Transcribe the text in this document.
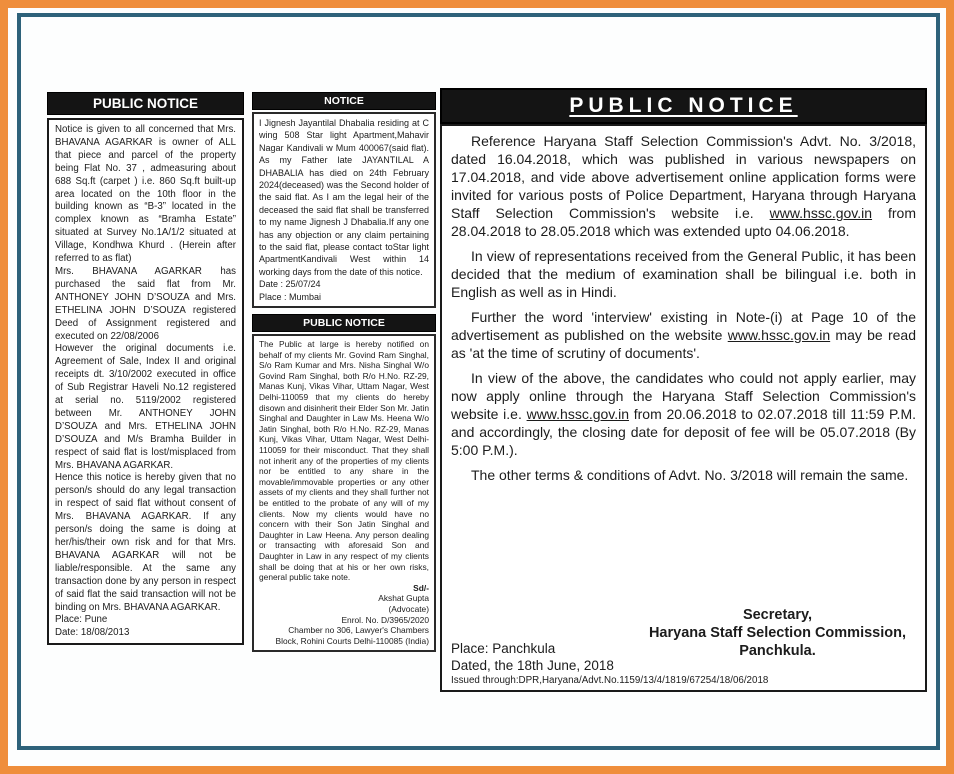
PUBLIC NOTICE

Notice is given to all concerned that Mrs. BHAVANA AGARKAR is owner of ALL that piece and parcel of the property being Flat No. 37 , admeasuring about 688 Sq.ft (carpet ) i.e. 860 Sq.ft built-up area located on the 10th floor in the building known as “B-3” located in the complex known as “Bramha Estate” situated at Survey No.1A/1/2 situated at Village, Kondhwa Khurd . (Herein after referred to as flat)

Mrs. BHAVANA AGARKAR has purchased the said flat from Mr. ANTHONEY JOHN D’SOUZA and Mrs. ETHELINA JOHN D’SOUZA registered Deed of Assignment registered and executed on 22/08/2006

However the original documents i.e. Agreement of Sale, Index II and original receipts dt. 3/10/2002 executed in office of Sub Registrar Haveli No.12 registered at serial no. 5119/2002 registered between Mr. ANTHONEY JOHN D’SOUZA and Mrs. ETHELINA JOHN D’SOUZA and M/s Bramha Builder in respect of said flat is lost/misplaced from Mrs. BHAVANA AGARKAR.

Hence this notice is hereby given that no person/s should do any legal transaction in respect of said flat without consent of Mrs. BHAVANA AGARKAR. If any person/s doing the same is doing at her/his/their own risk and for that Mrs. BHAVANA AGARKAR will not be liable/responsible. At the same any transaction done by any person in respect of said flat the said transaction will not be binding on Mrs. BHAVANA AGARKAR.

Place: Pune

Date: 18/08/2013

NOTICE

I Jignesh Jayantilal Dhabalia residing at C wing 508 Star light Apartment,Mahavir Nagar Kandivali w Mum 400067(said flat). As my Father late JAYANTILAL A DHABALIA has died on 24th February 2024(deceased) was the Second holder of the said flat. As I am the legal heir of the deceased the said flat shall be transferred to my name Jignesh J Dhabalia.If any one has any objection or any claim pertaining to the said flat, please contact toStar light ApartmentKandivali West within 14 working days from the date of this notice.

Date : 25/07/24

Place : Mumbai

PUBLIC NOTICE

The Public at large is hereby notified on behalf of my clients Mr. Govind Ram Singhal, S/o Ram Kumar and Mrs. Nisha Singhal W/o Govind Ram Singhal, both R/o H.No. RZ-29, Manas Kunj, Vikas Vihar, Uttam Nagar, West Delhi-110059 that my clients do hereby disown and disinherit their Elder Son Mr. Jatin Singhal and Daughter in Law Ms. Heena W/o Jatin Singhal, both R/o H.No. RZ-29, Manas Kunj, Vikas Vihar, Uttam Nagar, West Delhi-110059 for their misconduct. That they shall not inherit any of the properties of my clients nor be entitled to any share in the movable/immovable properties or any other assets of my clients and they shall further not be entitled to the probate of any will of my clients. Now my clients would have no concern with their Son Jatin Singhal and Daughter in Law Heena. Any person dealing or transacting with aforesaid Son and Daughter in Law in any respect of my clients shall be doing that at his or her own risks, general public take note.

Sd/-
Akshat Gupta
(Advocate)
Enrol. No. D/3965/2020
Chamber no 306, Lawyer's Chambers
Block, Rohini Courts Delhi-110085 (India)
PUBLIC NOTICE

Reference Haryana Staff Selection Commission's Advt. No. 3/2018, dated 16.04.2018, which was published in various newspapers on 17.04.2018, and vide above advertisement online application forms were invited for various posts of Police Department, Haryana through Haryana Staff Selection Commission's website i.e. www.hssc.gov.in from 28.04.2018 to 28.05.2018 which was extended upto 04.06.2018.

In view of representations received from the General Public, it has been decided that the medium of examination shall be bilingual i.e. both in English as well as in Hindi.

Further the word 'interview' existing in Note-(i) at Page 10 of the advertisement as published on the website www.hssc.gov.in may be read as 'at the time of scrutiny of documents'.

In view of the above, the candidates who could not apply earlier, may now apply online through the Haryana Staff Selection Commission's website i.e. www.hssc.gov.in from 20.06.2018 to 02.07.2018 till 11:59 P.M. and accordingly, the closing date for deposit of fee will be 05.07.2018 (By 5:00 P.M.).

The other terms & conditions of Advt. No. 3/2018 will remain the same.

Place: Panchkula
Dated, the 18th June, 2018
Secretary,
Haryana Staff Selection Commission,
Panchkula.
Issued through:DPR,Haryana/Advt.No.1159/13/4/1819/67254/18/06/2018
